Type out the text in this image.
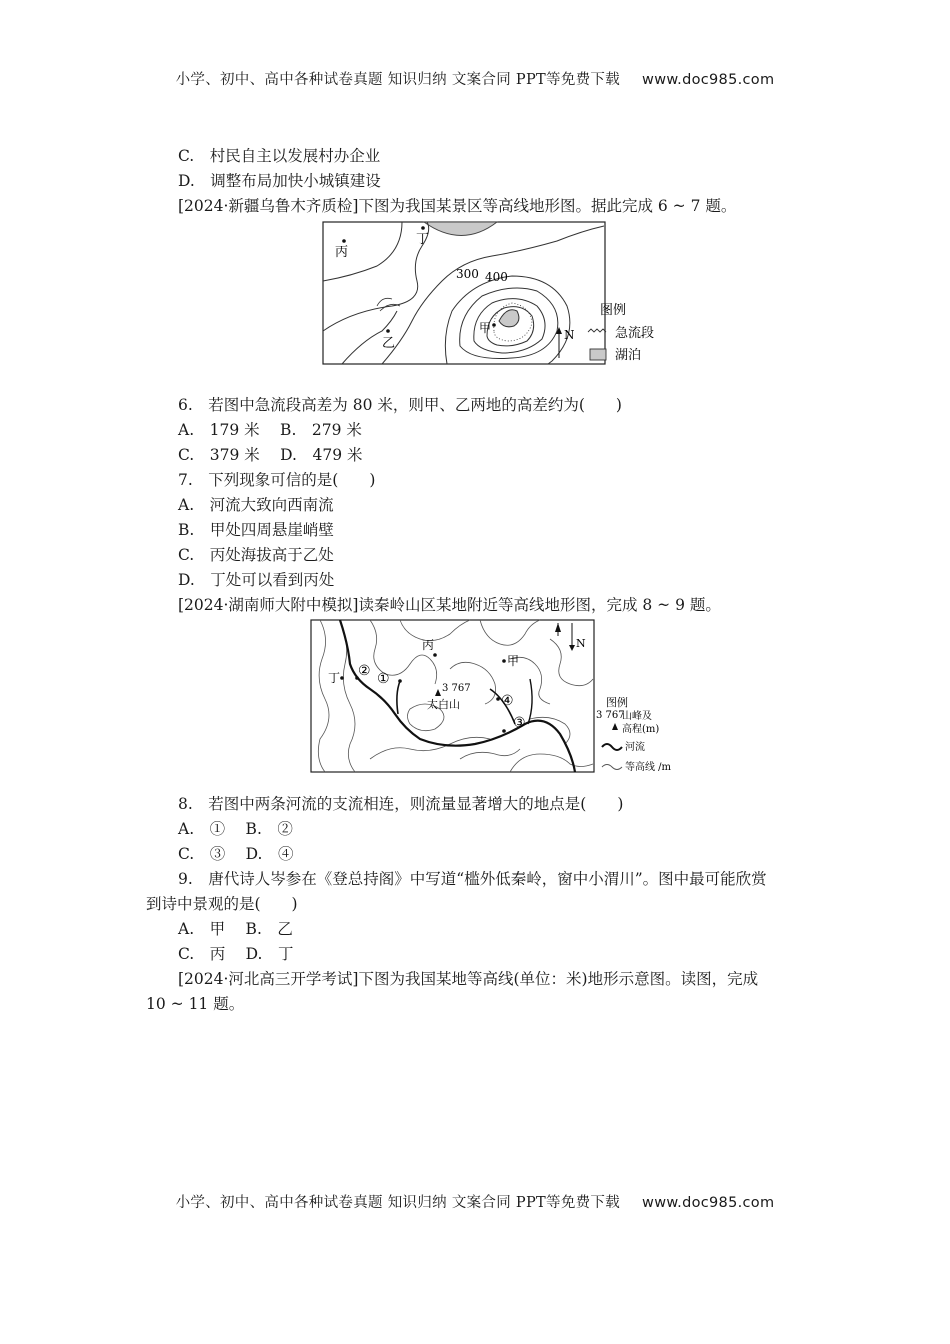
小学、初中、高中各种试卷真题 知识归纳 文案合同 PPT等免费下载 www.doc985.com
C.　村民自主以发展村办企业
D.　调整布局加快小城镇建设
[2024·新疆乌鲁木齐质检]下图为我国某景区等高线地形图。据此完成 6 ~ 7 题。
丙
丁
甲
乙
300 400
N
图例
急流段
湖泊
6.　若图中急流段高差为 80 米，则甲、乙两地的高差约为(　　)
A.　179 米　 B.　279 米
C.　379 米　 D.　479 米
7.　下列现象可信的是(　　)
A.　河流大致向西南流
B.　甲处四周悬崖峭壁
C.　丙处海拔高于乙处
D.　丁处可以看到丙处
[2024·湖南师大附中模拟]读秦岭山区某地附近等高线地形图，完成 8 ~ 9 题。
丙
甲
丁	①
②
③
④
3 767
太白山
N
图例
3 767
山峰及
高程(m)
河流
等高线 /m
8.　若图中两条河流的支流相连，则流量显著增大的地点是(　　)
A.　①　 B.　②
C.　③　 D.　④
9.　唐代诗人岑参在《登总持阁》中写道“槛外低秦岭，窗中小渭川”。图中最可能欣赏
到诗中景观的是(　　)
A.　甲　 B.　乙
C.　丙　 D.　丁
[2024·河北高三开学考试]下图为我国某地等高线(单位：米)地形示意图。读图，完成
10 ~ 11 题。
小学、初中、高中各种试卷真题 知识归纳 文案合同 PPT等免费下载 www.doc985.com
